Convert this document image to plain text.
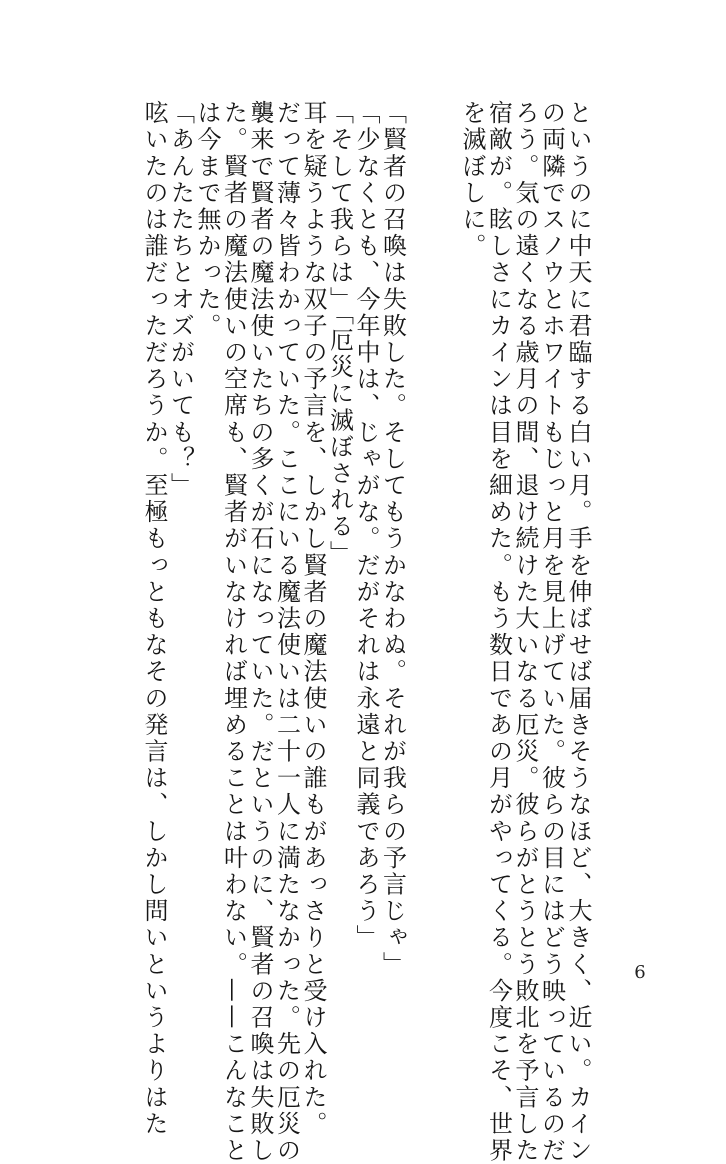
というのに中天に君臨する白い月。手を伸ばせば届きそうなほど、大きく、近い。カイン
の両隣でスノウとホワイトもじっと月を見上げていた。彼らの目にはどう映っているのだ
ろう。気の遠くなる歳月の間、退け続けた大いなる厄災。彼らがとうとう敗北を予言した
宿敵が。眩しさにカインは目を細めた。もう数日であの月がやってくる。今度こそ、世界
を滅ぼしに。
「賢者の召喚は失敗した。そしてもうかなわぬ。それが我らの予言じゃ」
「少なくとも、今年中は、じゃがな。だがそれは永遠と同義であろう」
「そして我らは」「厄災に滅ぼされる」
耳を疑うような双子の予言を、しかし賢者の魔法使いの誰もがあっさりと受け入れた。
だって薄々皆わかっていた。ここにいる魔法使いは二十一人に満たなかった。先の厄災の
襲来で賢者の魔法使いたちの多くが石になっていた。だというのに、賢者の召喚は失敗し
た。賢者の魔法使いの空席も、賢者がいなければ埋めることは叶わない。——こんなこと
は今まで無かった。
「あんたたちとオズがいても？」
呟いたのは誰だっただろうか。至極もっともなその発言は、しかし問いというよりはた	6
